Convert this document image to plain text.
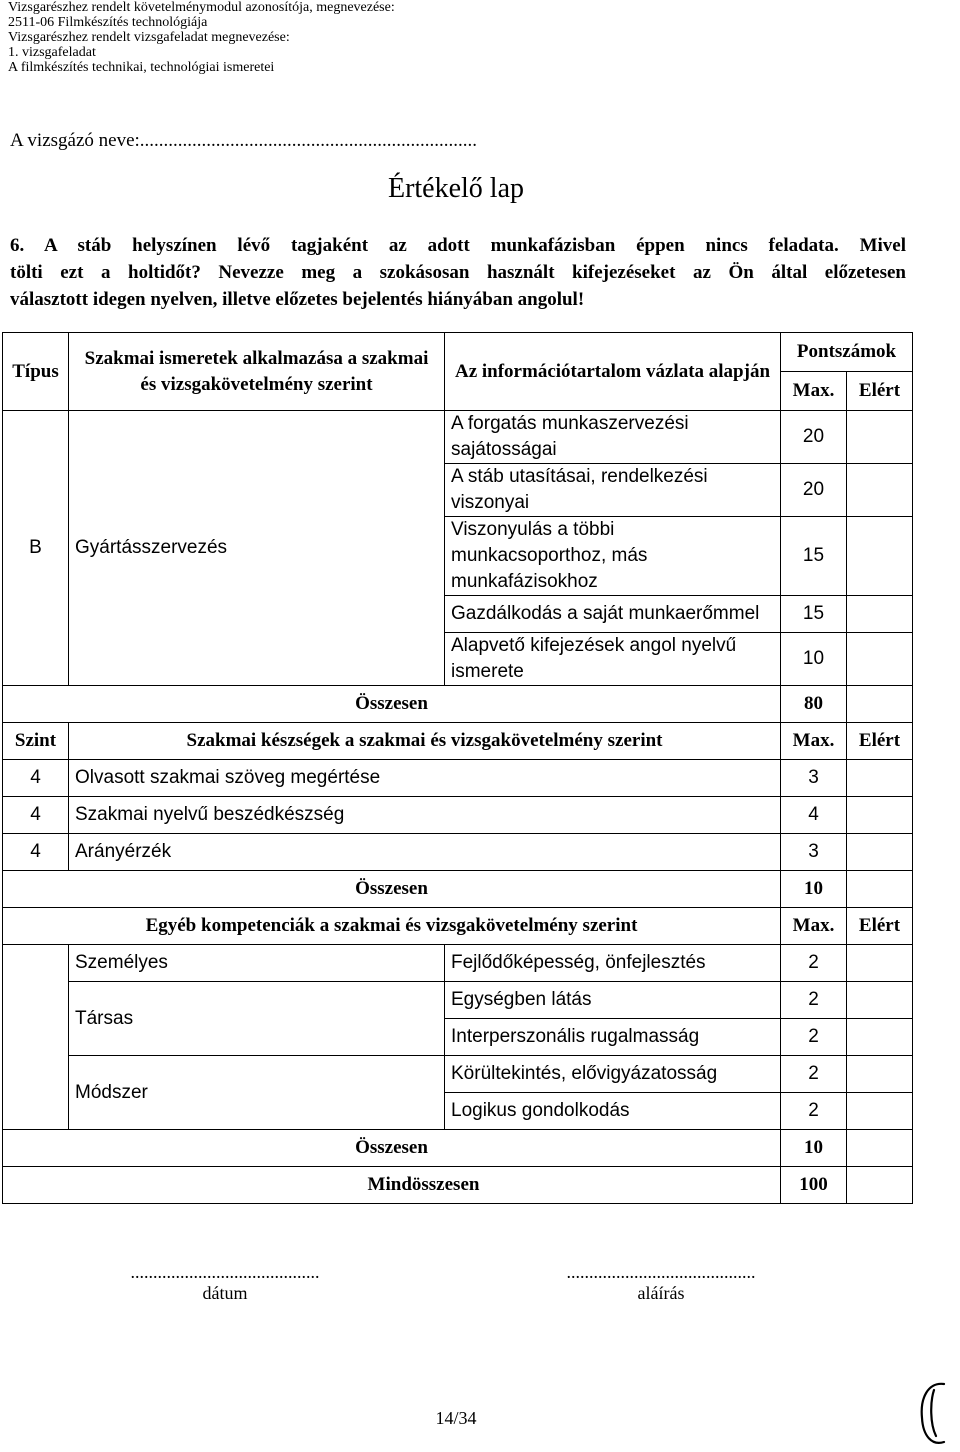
Vizsgarészhez rendelt követelménymodul azonosítója, megnevezése:
2511-06 Filmkészítés technológiája
Vizsgarészhez rendelt vizsgafeladat megnevezése:
1. vizsgafeladat
A filmkészítés technikai, technológiai ismeretei
A vizsgázó neve:.......................................................................
Értékelő lap
6. A stáb helyszínen lévő tagjaként az adott munkafázisban éppen nincs feladata. Mivel
tölti ezt a holtidőt? Nevezze meg a szokásosan használt kifejezéseket az Ön által előzetesen
választott idegen nyelven, illetve előzetes bejelentés hiányában angolul!
Típus	Szakmai ismeretek alkalmazása a szakmai és vizsgakövetelmény szerint	Az információtartalom vázlata alapján	Pontszámok	
			Max.	Elért
B	Gyártásszervezés	A forgatás munkaszervezési sajátosságai	20	
		A stáb utasításai, rendelkezési viszonyai	20	
		Viszonyulás a többi munkacsoporthoz, más munkafázisokhoz	15	
		Gazdálkodás a saját munkaerőmmel	15	
		Alapvető kifejezések angol nyelvű ismerete	10	
Összesen			80	
Szint	Szakmai készségek a szakmai és vizsgakövetelmény szerint		Max.	Elért
4	Olvasott szakmai szöveg megértése		3	
4	Szakmai nyelvű beszédkészség		4	
4	Arányérzék		3	
Összesen			10	
Egyéb kompetenciák a szakmai és vizsgakövetelmény szerint			Max.	Elért
	Személyes	Fejlődőképesség, önfejlesztés	2	
	Társas	Egységben látás	2	
		Interperszonális rugalmasság	2	
	Módszer	Körültekintés, elővigyázatosság	2	
		Logikus gondolkodás	2	
Összesen			10	
Mindösszesen			100	
..........................................
dátum
..........................................
aláírás
14/34
